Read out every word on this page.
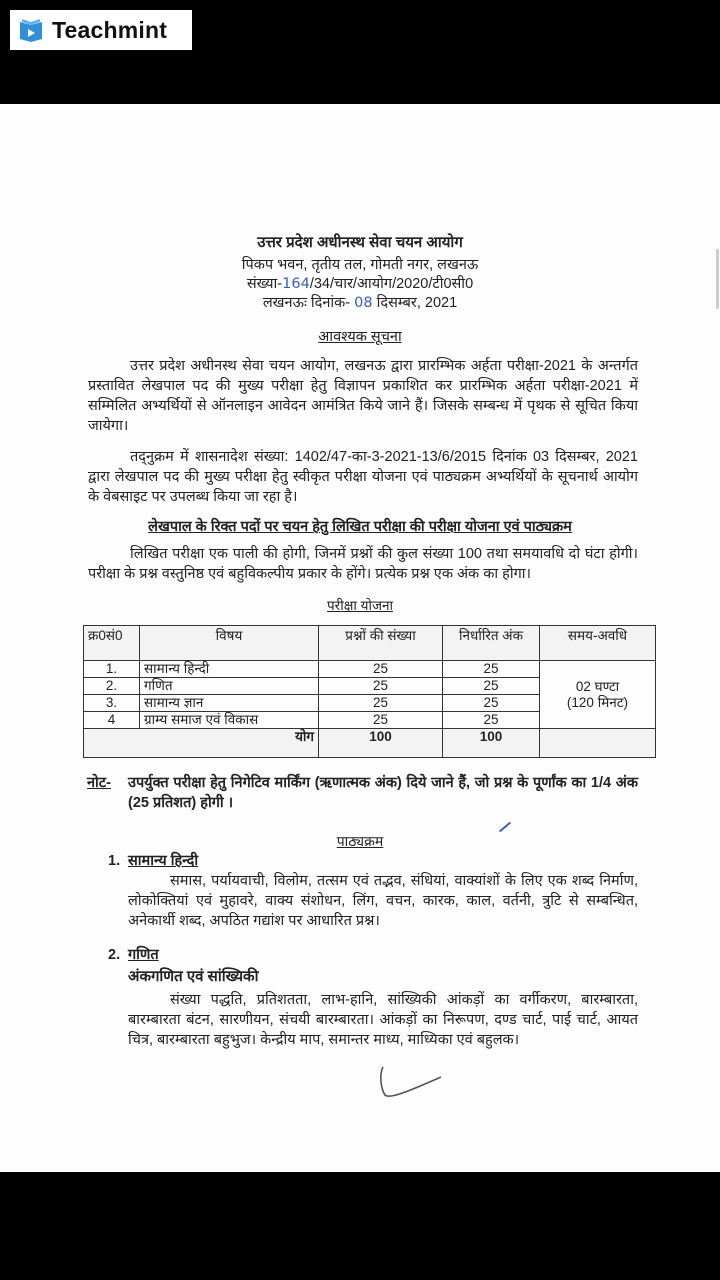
Teachmint
उत्तर प्रदेश अधीनस्थ सेवा चयन आयोग
पिकप भवन, तृतीय तल, गोमती नगर, लखनऊ
संख्या-164/34/चार/आयोग/2020/टी0सी0
लखनऊः दिनांक- 08 दिसम्बर, 2021
आवश्यक सूचना
उत्तर प्रदेश अधीनस्थ सेवा चयन आयोग, लखनऊ द्वारा प्रारम्भिक अर्हता परीक्षा-2021 के अन्तर्गत प्रस्तावित लेखपाल पद की मुख्य परीक्षा हेतु विज्ञापन प्रकाशित कर प्रारम्भिक अर्हता परीक्षा-2021 में सम्मिलित अभ्यर्थियों से ऑनलाइन आवेदन आमंत्रित किये जाने हैं। जिसके सम्बन्ध में पृथक से सूचित किया जायेगा।
तद्नुक्रम में शासनादेश संख्या: 1402/47-का-3-2021-13/6/2015 दिनांक 03 दिसम्बर, 2021 द्वारा लेखपाल पद की मुख्य परीक्षा हेतु स्वीकृत परीक्षा योजना एवं पाठ्यक्रम अभ्यर्थियों के सूचनार्थ आयोग के वेबसाइट पर उपलब्ध किया जा रहा है।
लेखपाल के रिक्त पदों पर चयन हेतु लिखित परीक्षा की परीक्षा योजना एवं पाठ्यक्रम
लिखित परीक्षा एक पाली की होगी, जिनमें प्रश्नों की कुल संख्या 100 तथा समयावधि दो घंटा होगी। परीक्षा के प्रश्न वस्तुनिष्ठ एवं बहुविकल्पीय प्रकार के होंगे। प्रत्येक प्रश्न एक अंक का होगा।
परीक्षा योजना
क्र0सं0	विषय	प्रश्नों की संख्या	निर्धारित अंक	समय-अवधि
1.	सामान्य हिन्दी	25	25	02 घण्टा
(120 मिनट)

2.	गणित	25	25	
3.	सामान्य ज्ञान	25	25	
4	ग्राम्य समाज एवं विकास	25	25	
योग		100	100	
नोट- उपर्युक्त परीक्षा हेतु निगेटिव मार्किंग (ऋणात्मक अंक) दिये जाने हैं, जो प्रश्न के पूर्णांक का 1/4 अंक (25 प्रतिशत) होगी ।
पाठ्यक्रम
1. सामान्य हिन्दी
समास, पर्यायवाची, विलोम, तत्सम एवं तद्भव, संधियां, वाक्यांशों के लिए एक शब्द निर्माण, लोकोक्तियां एवं मुहावरे, वाक्य संशोधन, लिंग, वचन, कारक, काल, वर्तनी, त्रुटि से सम्बन्धित, अनेकार्थी शब्द, अपठित गद्यांश पर आधारित प्रश्न।
2. गणित
अंकगणित एवं सांख्यिकी
संख्या पद्धति, प्रतिशतता, लाभ-हानि, सांख्यिकी आंकड़ों का वर्गीकरण, बारम्बारता, बारम्बारता बंटन, सारणीयन, संचयी बारम्बारता। आंकड़ों का निरूपण, दण्ड चार्ट, पाई चार्ट, आयत चित्र, बारम्बारता बहुभुज। केन्द्रीय माप, समान्तर माध्य, माध्यिका एवं बहुलक।
